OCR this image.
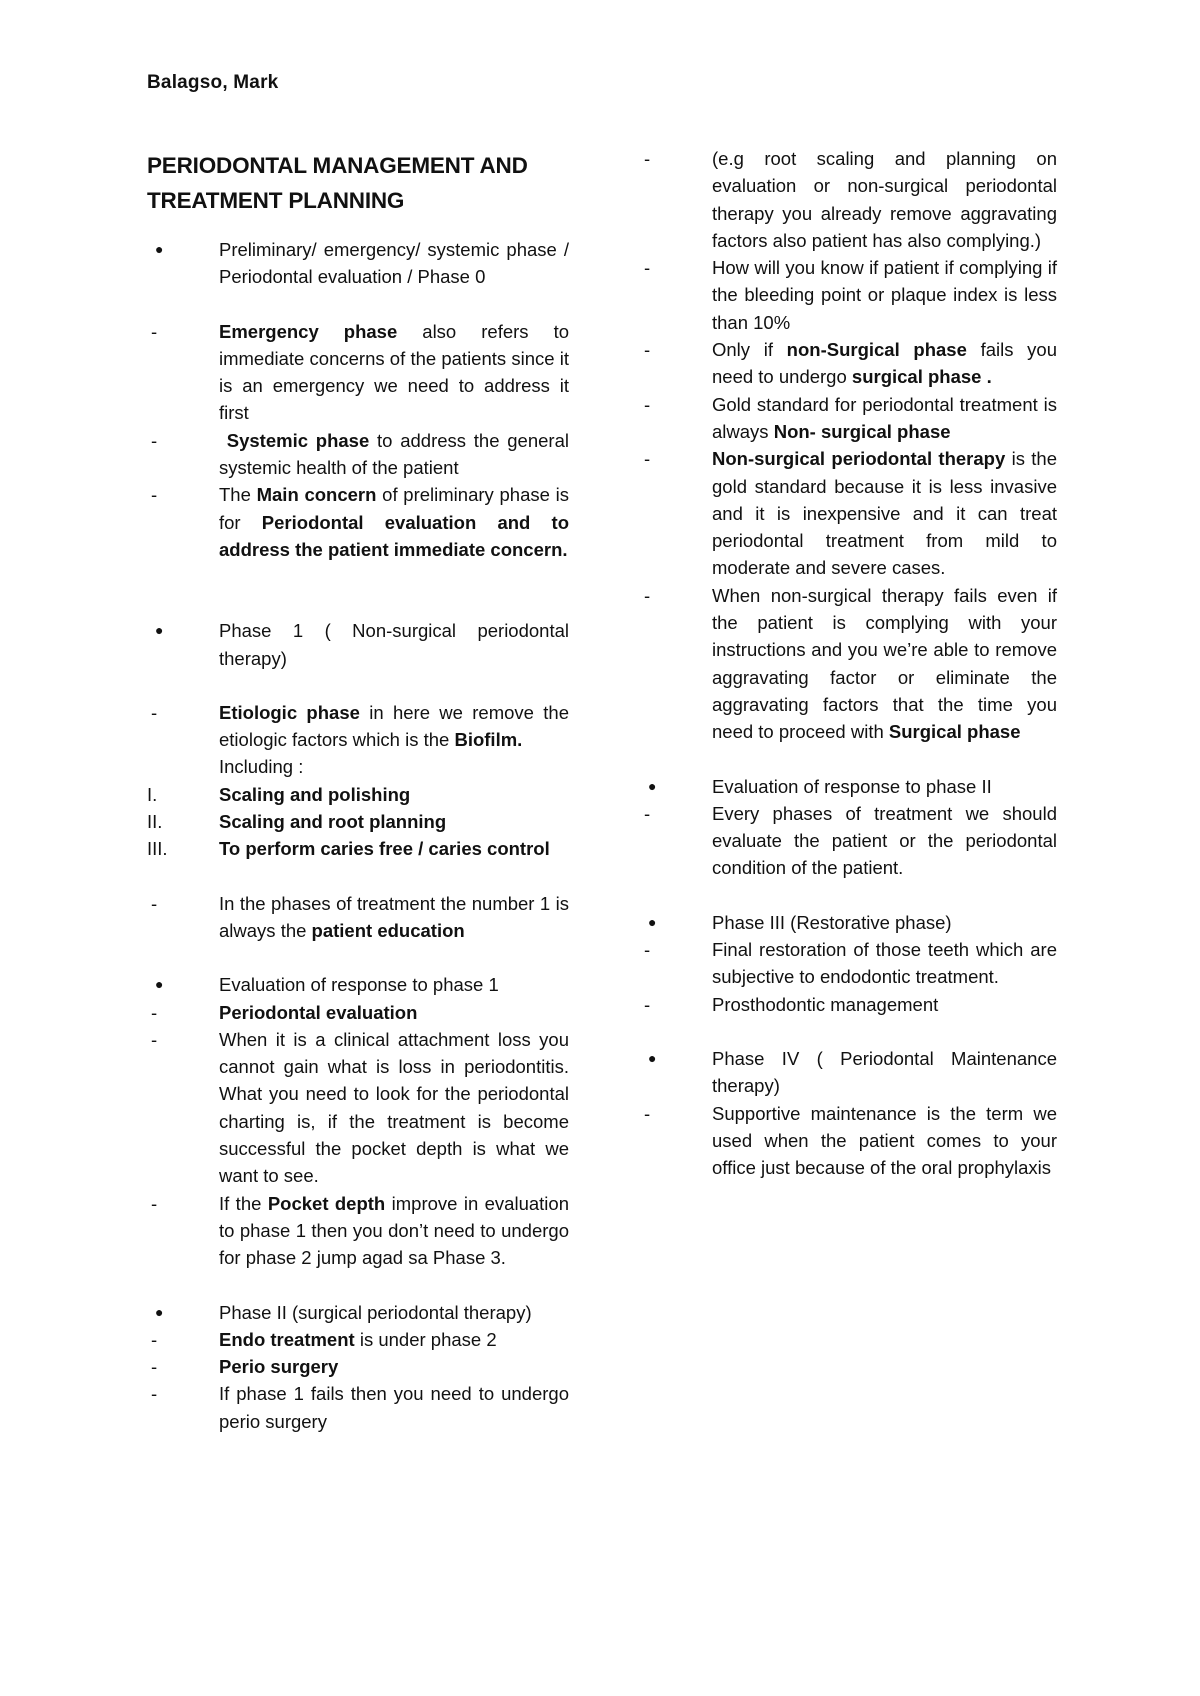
Balagso, Mark
PERIODONTAL MANAGEMENT AND
TREATMENT PLANNING
●	Preliminary/ emergency/ systemic phase / Periodontal evaluation / Phase 0
-	Emergency phase also refers to immediate concerns of the patients since it is an emergency we need to address it first
-	Systemic phase to address the general systemic health of the patient
-	The Main concern of preliminary phase is for Periodontal evaluation and to address the patient immediate concern.
●	Phase 1 ( Non-surgical periodontal therapy)
-	Etiologic phase in here we remove the etiologic factors which is the Biofilm.
Including :
I.	Scaling and polishing
II.	Scaling and root planning
III.	To perform caries free / caries control
-	In the phases of treatment the number 1 is always the patient education
●	Evaluation of response to phase 1
-	Periodontal evaluation
-	When it is a clinical attachment loss you cannot gain what is loss in periodontitis. What you need to look for the periodontal charting is, if the treatment is become successful the pocket depth is what we want to see.
-	If the Pocket depth improve in evaluation to phase 1 then you don’t need to undergo for phase 2 jump agad sa Phase 3.
●	Phase II (surgical periodontal therapy)
-	Endo treatment is under phase 2
-	Perio surgery
-	If phase 1 fails then you need to undergo perio surgery
-	(e.g root scaling and planning on evaluation or non-surgical periodontal therapy you already remove aggravating factors also patient has also complying.)
-	How will you know if patient if complying if the bleeding point or plaque index is less than 10%
-	Only if non-Surgical phase fails you need to undergo surgical phase .
-	Gold standard for periodontal treatment is always Non- surgical phase
-	Non-surgical periodontal therapy is the gold standard because it is less invasive and it is inexpensive and it can treat periodontal treatment from mild to moderate and severe cases.
-	When non-surgical therapy fails even if the patient is complying with your instructions and you we’re able to remove aggravating factor or eliminate the aggravating factors that the time you need to proceed with Surgical phase
●	Evaluation of response to phase II
-	Every phases of treatment we should evaluate the patient or the periodontal condition of the patient.
●	Phase III (Restorative phase)
-	Final restoration of those teeth which are subjective to endodontic treatment.
-	Prosthodontic management
●	Phase IV ( Periodontal Maintenance therapy)
-	Supportive maintenance is the term we used when the patient comes to your office just because of the oral prophylaxis
